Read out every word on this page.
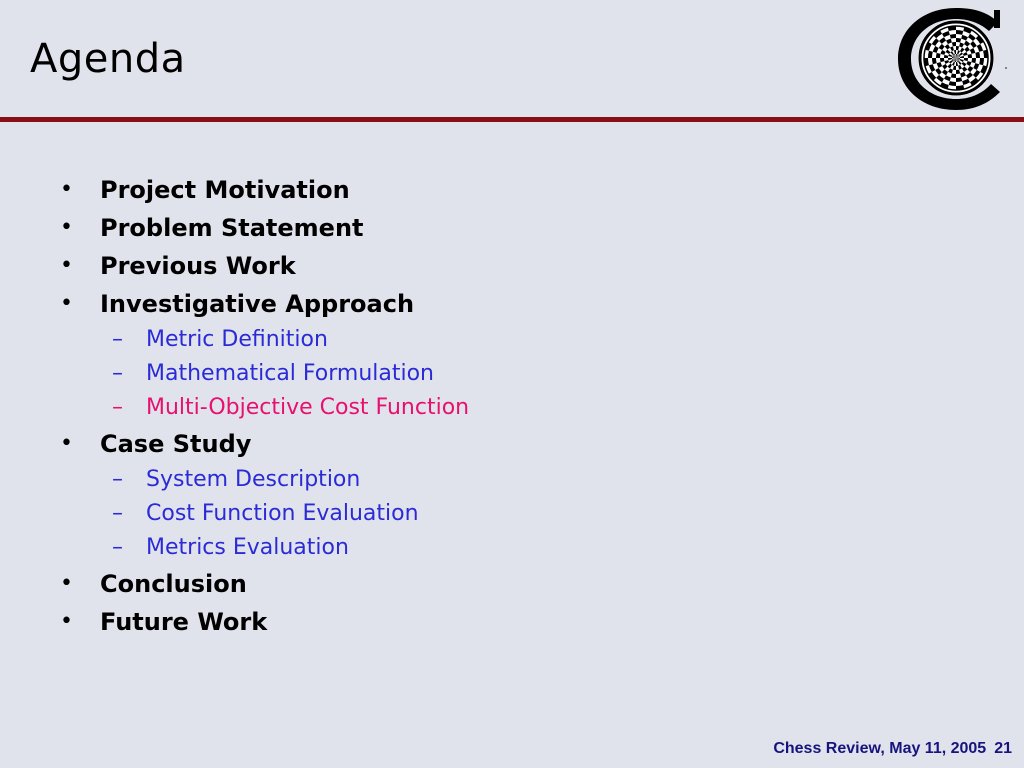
Agenda
• Project Motivation
• Problem Statement
• Previous Work
• Investigative Approach
– Metric Definition
– Mathematical Formulation
– Multi-Objective Cost Function
• Case Study
– System Description
– Cost Function Evaluation
– Metrics Evaluation
• Conclusion
• Future Work
Chess Review, May 11, 2005 21
